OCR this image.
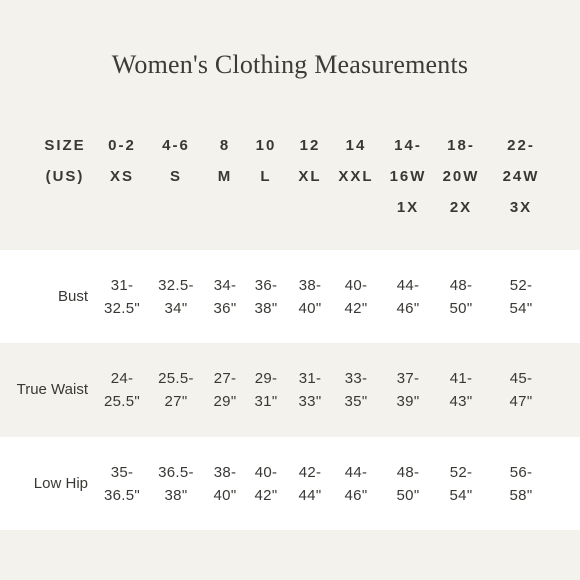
Women's Clothing Measurements
SIZE
(US)
0-2
XS
4-6
S
8
M
10
L
12
XL
14
XXL
14-
16W
1X
18-
20W
2X
22-
24W
3X
Bust
31-
32.5"
32.5-
34"
34-
36"
36-
38"
38-
40"
40-
42"
44-
46"
48-
50"
52-
54"
True Waist
24-
25.5"
25.5-
27"
27-
29"
29-
31"
31-
33"
33-
35"
37-
39"
41-
43"
45-
47"
Low Hip
35-
36.5"
36.5-
38"
38-
40"
40-
42"
42-
44"
44-
46"
48-
50"
52-
54"
56-
58"
